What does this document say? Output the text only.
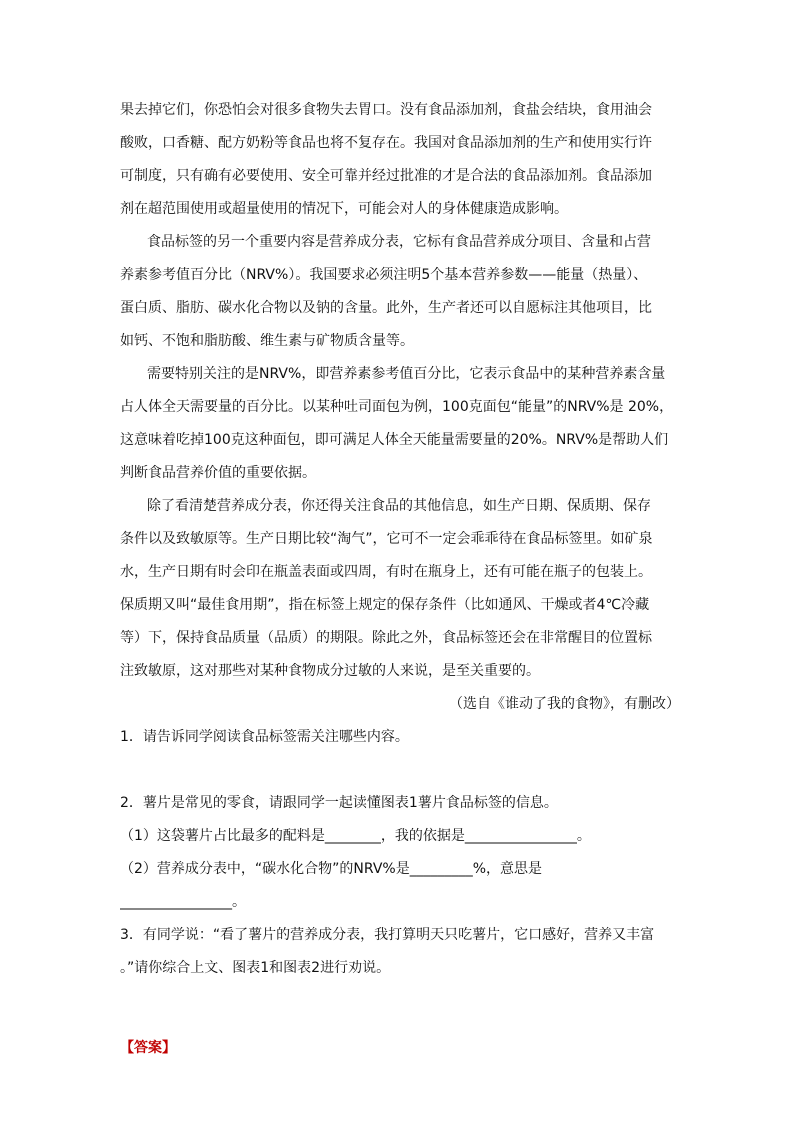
果去掉它们，你恐怕会对很多食物失去胃口。没有食品添加剂，食盐会结块，食用油会
酸败，口香糖、配方奶粉等食品也将不复存在。我国对食品添加剂的生产和使用实行许
可制度，只有确有必要使用、安全可靠并经过批准的才是合法的食品添加剂。食品添加
剂在超范围使用或超量使用的情况下，可能会对人的身体健康造成影响。
食品标签的另一个重要内容是营养成分表，它标有食品营养成分项目、含量和占营
养素参考值百分比（NRV%）。我国要求必须注明5个基本营养参数——能量（热量）、
蛋白质、脂肪、碳水化合物以及钠的含量。此外，生产者还可以自愿标注其他项目，比
如钙、不饱和脂肪酸、维生素与矿物质含量等。
需要特别关注的是NRV%，即营养素参考值百分比，它表示食品中的某种营养素含量
占人体全天需要量的百分比。以某种吐司面包为例，100克面包“能量”的NRV%是 20%，
这意味着吃掉100克这种面包，即可满足人体全天能量需要量的20%。NRV%是帮助人们
判断食品营养价值的重要依据。
除了看清楚营养成分表，你还得关注食品的其他信息，如生产日期、保质期、保存
条件以及致敏原等。生产日期比较“淘气”，它可不一定会乖乖待在食品标签里。如矿泉
水，生产日期有时会印在瓶盖表面或四周，有时在瓶身上，还有可能在瓶子的包装上。
保质期又叫“最佳食用期”，指在标签上规定的保存条件（比如通风、干燥或者4℃冷藏
等）下，保持食品质量（品质）的期限。除此之外，食品标签还会在非常醒目的位置标
注致敏原，这对那些对某种食物成分过敏的人来说，是至关重要的。
（选自《谁动了我的食物》，有删改）
1．请告诉同学阅读食品标签需关注哪些内容。
2．薯片是常见的零食，请跟同学一起读懂图表1薯片食品标签的信息。
（1）这袋薯片占比最多的配料是________，我的依据是________________。
（2）营养成分表中，“碳水化合物”的NRV%是_________%，意思是
________________。
3．有同学说：“看了薯片的营养成分表，我打算明天只吃薯片，它口感好，营养又丰富
。”请你综合上文、图表1和图表2进行劝说。
【答案】
